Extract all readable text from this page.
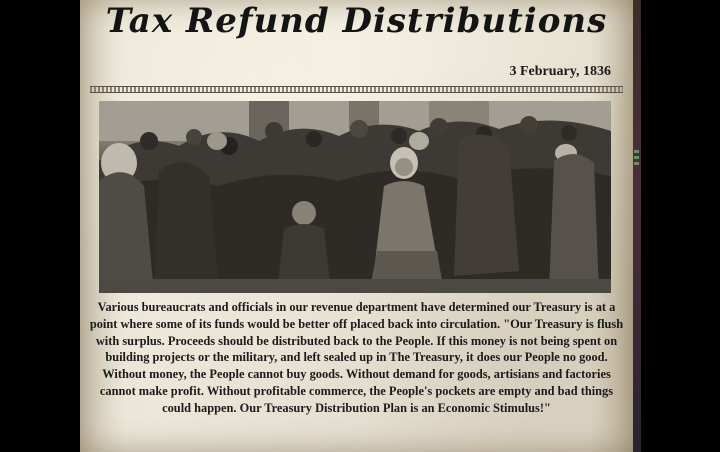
Tax Refund Distributions
3 February, 1836
Various bureaucrats and officials in our revenue department have determined our Treasury is at a point where some of its funds would be better off placed back into circulation. "Our Treasury is flush with surplus. Proceeds should be distributed back to the People. If this money is not being spent on building projects or the military, and left sealed up in The Treasury, it does our People no good. Without money, the People cannot buy goods. Without demand for goods, artisians and factories cannot make profit. Without profitable commerce, the People's pockets are empty and bad things could happen. Our Treasury Distribution Plan is an Economic Stimulus!"
